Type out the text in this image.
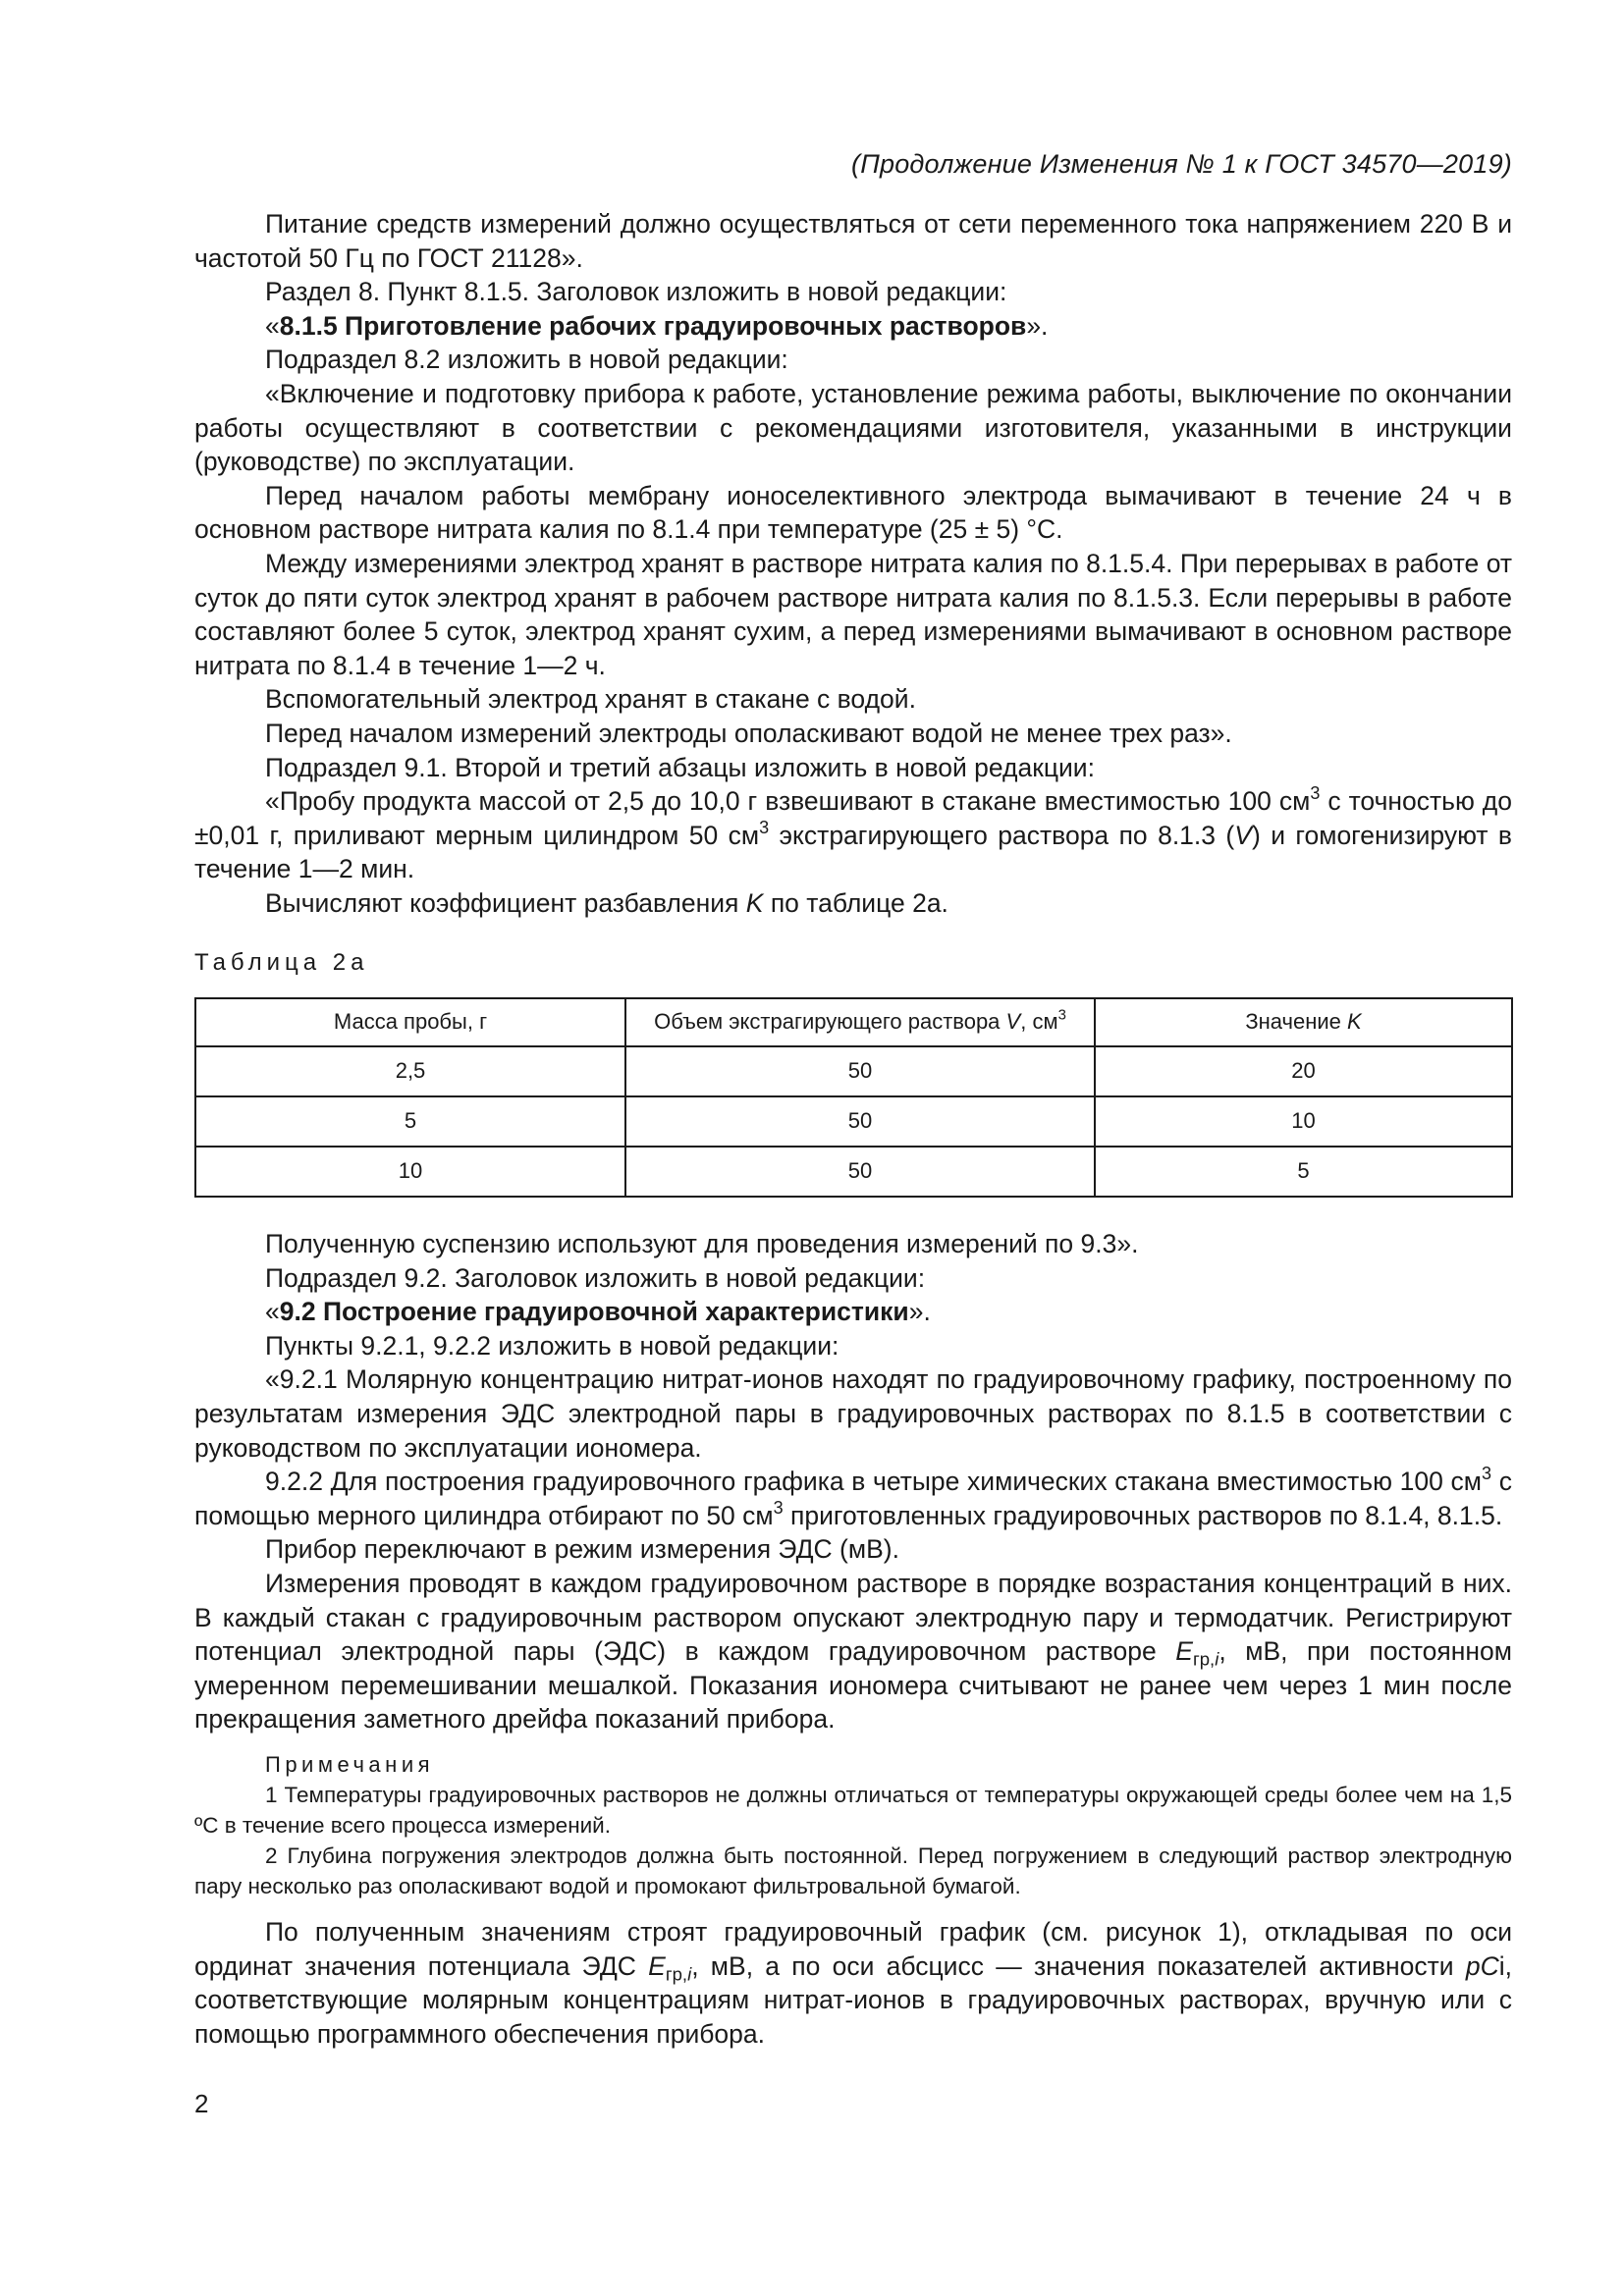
(Продолжение Изменения № 1 к ГОСТ 34570—2019)

Питание средств измерений должно осуществляться от сети переменного тока напряжением 220 В и частотой 50 Гц по ГОСТ 21128».

Раздел 8. Пункт 8.1.5. Заголовок изложить в новой редакции:

«8.1.5 Приготовление рабочих градуировочных растворов».

Подраздел 8.2 изложить в новой редакции:

«Включение и подготовку прибора к работе, установление режима работы, выключение по окончании работы осуществляют в соответствии с рекомендациями изготовителя, указанными в инструкции (руководстве) по эксплуатации.

Перед началом работы мембрану ионоселективного электрода вымачивают в течение 24 ч в основном растворе нитрата калия по 8.1.4 при температуре (25 ± 5) °С.

Между измерениями электрод хранят в растворе нитрата калия по 8.1.5.4. При перерывах в работе от суток до пяти суток электрод хранят в рабочем растворе нитрата калия по 8.1.5.3. Если перерывы в работе составляют более 5 суток, электрод хранят сухим, а перед измерениями вымачивают в основном растворе нитрата по 8.1.4 в течение 1—2 ч.

Вспомогательный электрод хранят в стакане с водой.

Перед началом измерений электроды ополаскивают водой не менее трех раз».

Подраздел 9.1. Второй и третий абзацы изложить в новой редакции:

«Пробу продукта массой от 2,5 до 10,0 г взвешивают в стакане вместимостью 100 $см^3$ с точностью до ±0,01 г, приливают мерным цилиндром 50 $см^3$ экстрагирующего раствора по 8.1.3 (V) и гомогенизируют в течение 1—2 мин.

Вычисляют коэффициент разбавления K по таблице 2а.

Таблица 2а
Масса пробы, г	Объем экстрагирующего раствора V, $см^3$	Значение K
2,5	50	20
5	50	10
10	50	5

Полученную суспензию используют для проведения измерений по 9.3».

Подраздел 9.2. Заголовок изложить в новой редакции:

«9.2 Построение градуировочной характеристики».

Пункты 9.2.1, 9.2.2 изложить в новой редакции:

«9.2.1 Молярную концентрацию нитрат-ионов находят по градуировочному графику, построенному по результатам измерения ЭДС электродной пары в градуировочных растворах по 8.1.5 в соответствии с руководством по эксплуатации иономера.

9.2.2 Для построения градуировочного графика в четыре химических стакана вместимостью 100 $см^3$ с помощью мерного цилиндра отбирают по 50 $см^3$ приготовленных градуировочных растворов по 8.1.4, 8.1.5.

Прибор переключают в режим измерения ЭДС (мВ).

Измерения проводят в каждом градуировочном растворе в порядке возрастания концентраций в них. В каждый стакан с градуировочным раствором опускают электродную пару и термодатчик. Регистрируют потенциал электродной пары (ЭДС) в каждом градуировочном растворе $E_{гр,i}$, мВ, при постоянном умеренном перемешивании мешалкой. Показания иономера считывают не ранее чем через 1 мин после прекращения заметного дрейфа показаний прибора.

Примечания

1 Температуры градуировочных растворов не должны отличаться от температуры окружающей среды более чем на 1,5 ºС в течение всего процесса измерений.

2 Глубина погружения электродов должна быть постоянной. Перед погружением в следующий раствор электродную пару несколько раз ополаскивают водой и промокают фильтровальной бумагой.

По полученным значениям строят градуировочный график (см. рисунок 1), откладывая по оси ординат значения потенциала ЭДС $E_{гр,i}$, мВ, а по оси абсцисс — значения показателей активности pCi, соответствующие молярным концентрациям нитрат-ионов в градуировочных растворах, вручную или с помощью программного обеспечения прибора.

2
